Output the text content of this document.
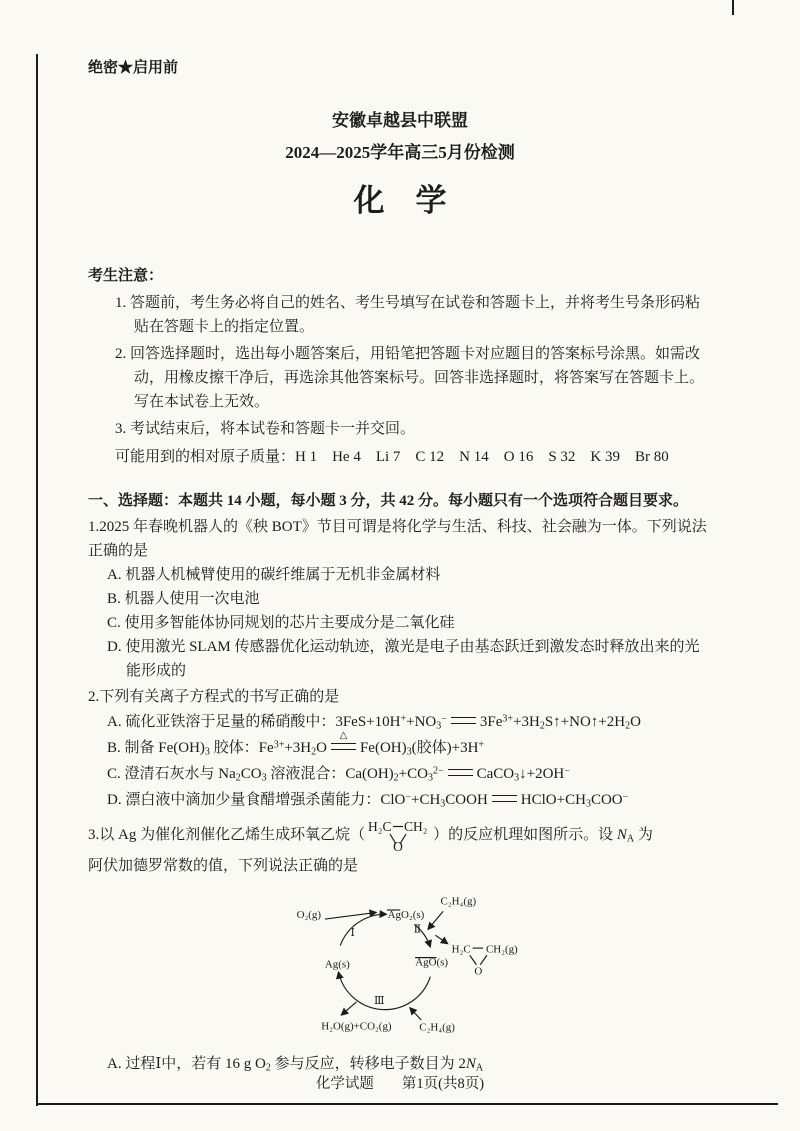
绝密★启用前
安徽卓越县中联盟
2024—2025学年高三5月份检测
化　学
考生注意：
1. 答题前，考生务必将自己的姓名、考生号填写在试卷和答题卡上，并将考生号条形码粘贴在答题卡上的指定位置。
2. 回答选择题时，选出每小题答案后，用铅笔把答题卡对应题目的答案标号涂黑。如需改动，用橡皮擦干净后，再选涂其他答案标号。回答非选择题时，将答案写在答题卡上。写在本试卷上无效。
3. 考试结束后，将本试卷和答题卡一并交回。
可能用到的相对原子质量：H 1　He 4　Li 7　C 12　N 14　O 16　S 32　K 39　Br 80
一、选择题：本题共 14 小题，每小题 3 分，共 42 分。每小题只有一个选项符合题目要求。
1.2025 年春晚机器人的《秧 BOT》节目可谓是将化学与生活、科技、社会融为一体。下列说法正确的是
A. 机器人机械臂使用的碳纤维属于无机非金属材料
B. 机器人使用一次电池
C. 使用多智能体协同规划的芯片主要成分是二氧化硅
D. 使用激光 SLAM 传感器优化运动轨迹，激光是电子由基态跃迁到激发态时释放出来的光能形成的
2.下列有关离子方程式的书写正确的是
A. 硫化亚铁溶于足量的稀硝酸中：$3FeS+10H^++NO_3^-$ $3Fe^{3+}+3H_2S↑+NO↑+2H_2O$
B. 制备 $Fe(OH)_3$ 胶体：$Fe^{3+}+3H_2O$
△
$Fe(OH)_3$(胶体)+3H+
C. 澄清石灰水与 $Na_2CO_3$ 溶液混合：$Ca(OH)_2+CO_3^{2-}$ CaCO$_3$↓+2OH−
D. 漂白液中滴加少量食醋增强杀菌能力：$ClO^-+CH_3COOH$ $HClO+CH_3COO^-$
3.以 Ag 为催化剂催化乙烯生成环氧乙烷（
H₂C CH₂
O
）的反应机理如图所示。设 $N_A$ 为
阿伏加德罗常数的值，下列说法正确的是
O₂(g)	AgO₂(s)
C₂H₄(g)
Ⅰ	Ⅱ
Ⅲ
Ag(s)	AgO(s)
H₂O(g)+CO₂(g) C₂H₄(g)
H₂C CH₂(g)
O
A. 过程Ⅰ中，若有 16 g $O_2$ 参与反应，转移电子数目为 $2N_A$
化学试题 第1页(共8页)
